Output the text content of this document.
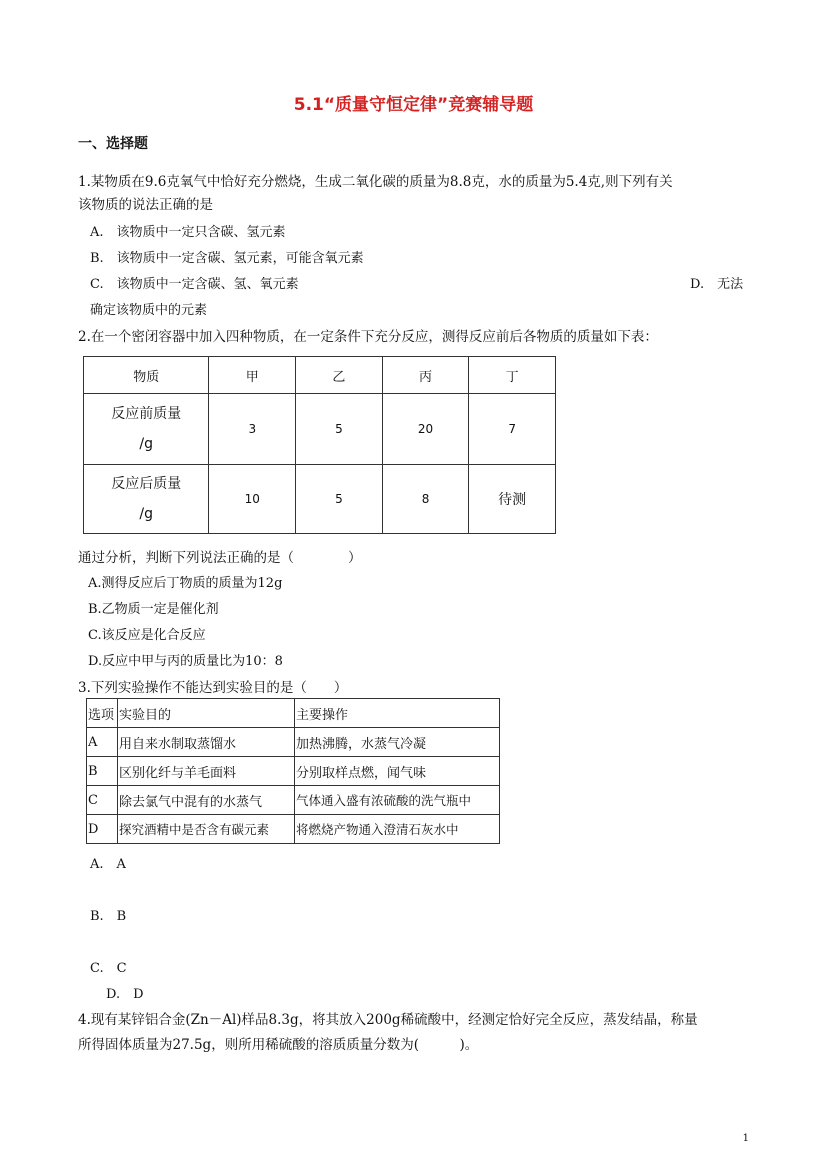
5.1“质量守恒定律”竞赛辅导题
一、选择题
1.某物质在9.6克氧气中恰好充分燃烧，生成二氧化碳的质量为8.8克，水的质量为5.4克,则下列有关
该物质的说法正确的是
A.　该物质中一定只含碳、氢元素
B.　该物质中一定含碳、氢元素，可能含氧元素
C.　该物质中一定含碳、氢、氧元素	D.　无法
确定该物质中的元素
2.在一个密闭容器中加入四种物质，在一定条件下充分反应，测得反应前后各物质的质量如下表：
物质	甲	乙	丙	丁

反应前质量
/g	3	5	20	7

反应后质量
/g	10	5	8	待测
通过分析，判断下列说法正确的是（　　　　）
A.测得反应后丁物质的质量为12g
B.乙物质一定是催化剂
C.该反应是化合反应
D.反应中甲与丙的质量比为10：8
3.下列实验操作不能达到实验目的是（　　）
选项	实验目的	主要操作
A	用自来水制取蒸馏水	加热沸腾，水蒸气冷凝
B	区别化纤与羊毛面料	分别取样点燃，闻气味
C	除去氯气中混有的水蒸气	气体通入盛有浓硫酸的洗气瓶中
D	探究酒精中是否含有碳元素	将燃烧产物通入澄清石灰水中
A.　A
B.　B
C.　C
D.　D
4.现有某锌铝合金(Zn－Al)样品8.3g，将其放入200g稀硫酸中，经测定恰好完全反应，蒸发结晶，称量
所得固体质量为27.5g，则所用稀硫酸的溶质质量分数为(　　　)。
1
